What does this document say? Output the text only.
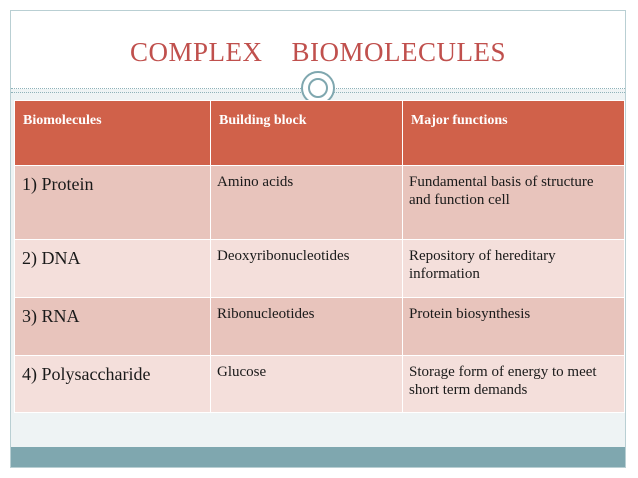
COMPLEX    BIOMOLECULES
Biomolecules	Building block	Major functions

1) Protein	Amino acids	Fundamental basis of structure and function cell

2) DNA	Deoxyribonucleotides	Repository of hereditary information

3) RNA	Ribonucleotides	Protein biosynthesis

4) Polysaccharide	Glucose	Storage form of energy to meet short term demands
